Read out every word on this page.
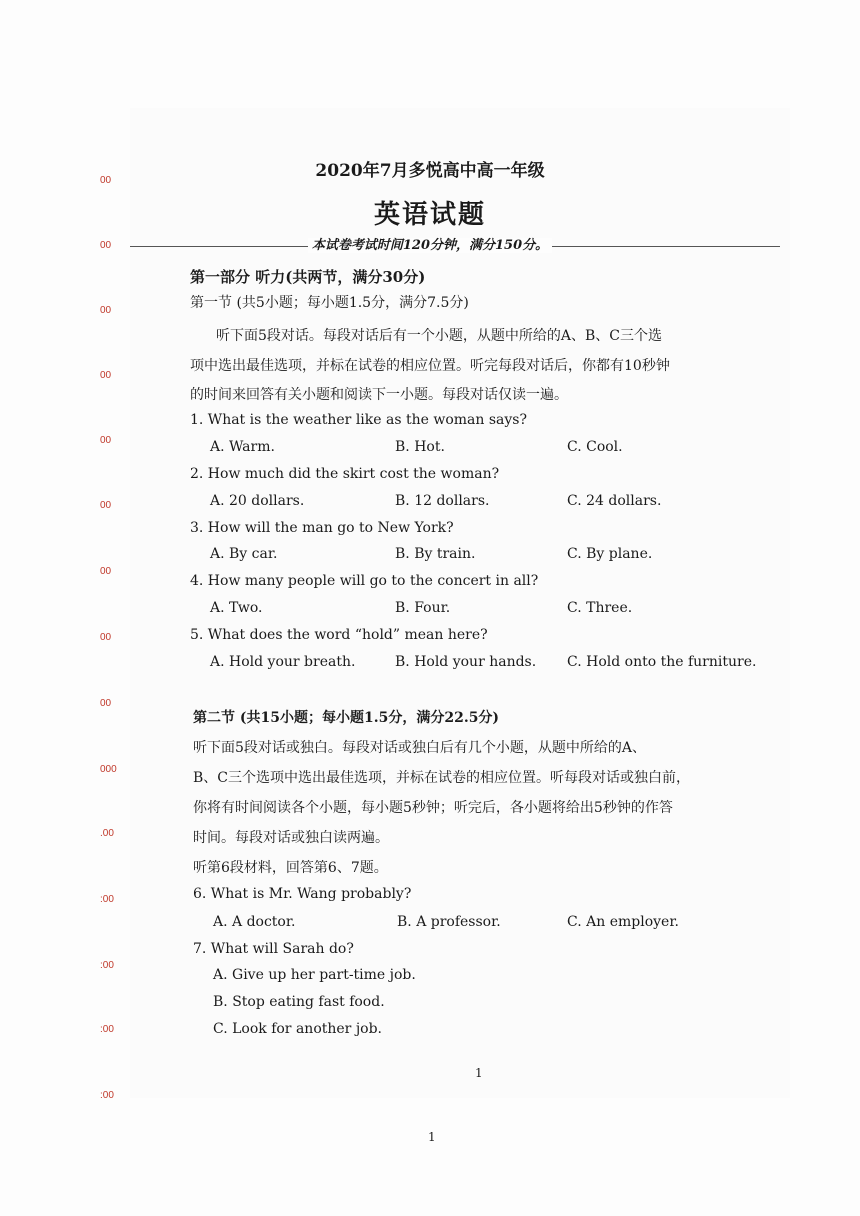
00
00
00
00
00
00
00
00
00
000
.00
:00
:00
:00
:00
2020年7月多悦高中高一年级
英语试题
本试卷考试时间120分钟，满分150分。
第一部分 听力(共两节，满分30分)
第一节 (共5小题；每小题1.5分，满分7.5分)
听下面5段对话。每段对话后有一个小题，从题中所给的A、B、C三个选
项中选出最佳选项，并标在试卷的相应位置。听完每段对话后，你都有10秒钟
的时间来回答有关小题和阅读下一小题。每段对话仅读一遍。
1. What is the weather like as the woman says?
A. Warm.	B. Hot.	C. Cool.
2. How much did the skirt cost the woman?
A. 20 dollars.	B. 12 dollars.	C. 24 dollars.
3. How will the man go to New York?
A. By car.	B. By train.	C. By plane.
4. How many people will go to the concert in all?
A. Two.	B. Four.	C. Three.
5. What does the word “hold” mean here?
A. Hold your breath.	B. Hold your hands. C. Hold onto the furniture.
第二节 (共15小题；每小题1.5分，满分22.5分)
听下面5段对话或独白。每段对话或独白后有几个小题，从题中所给的A、
B、C三个选项中选出最佳选项，并标在试卷的相应位置。听每段对话或独白前，
你将有时间阅读各个小题，每小题5秒钟；听完后，各小题将给出5秒钟的作答
时间。每段对话或独白读两遍。
听第6段材料，回答第6、7题。
6. What is Mr. Wang probably?
A. A doctor.	B. A professor.	C. An employer.
7. What will Sarah do?
A. Give up her part-time job.
B. Stop eating fast food.
C. Look for another job.
1
1
